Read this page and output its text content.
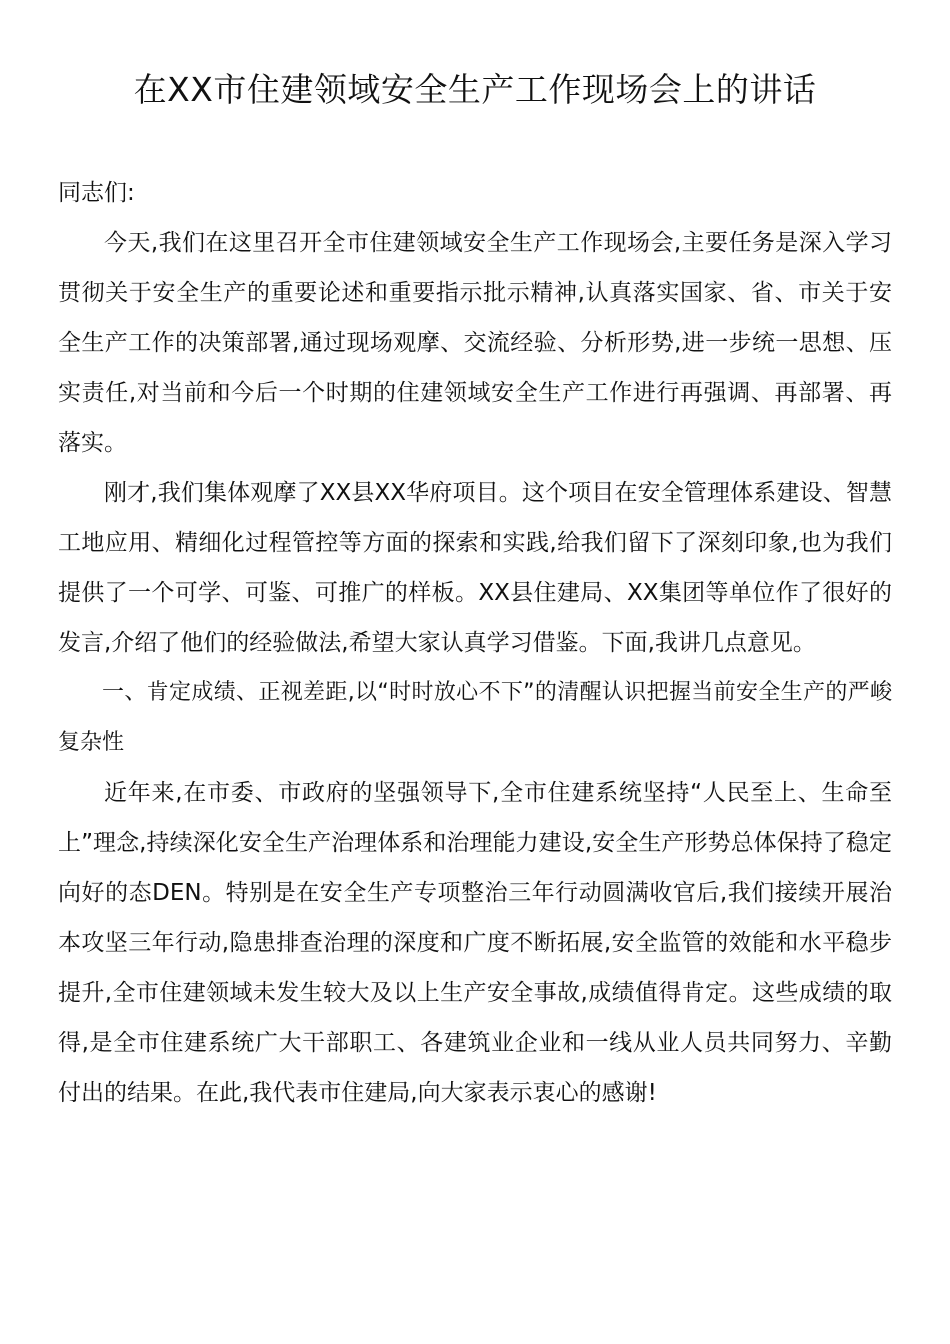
在XX市住建领域安全生产工作现场会上的讲话

同志们:

今天,我们在这里召开全市住建领域安全生产工作现场会,主要任务是深入学习贯彻关于安全生产的重要论述和重要指示批示精神,认真落实国家、省、市关于安全生产工作的决策部署,通过现场观摩、交流经验、分析形势,进一步统一思想、压实责任,对当前和今后一个时期的住建领域安全生产工作进行再强调、再部署、再落实。

刚才,我们集体观摩了XX县XX华府项目。这个项目在安全管理体系建设、智慧工地应用、精细化过程管控等方面的探索和实践,给我们留下了深刻印象,也为我们提供了一个可学、可鉴、可推广的样板。XX县住建局、XX集团等单位作了很好的发言,介绍了他们的经验做法,希望大家认真学习借鉴。下面,我讲几点意见。

一、肯定成绩、正视差距,以“时时放心不下”的清醒认识把握当前安全生产的严峻复杂性

近年来,在市委、市政府的坚强领导下,全市住建系统坚持“人民至上、生命至上”理念,持续深化安全生产治理体系和治理能力建设,安全生产形势总体保持了稳定向好的态DEN。特别是在安全生产专项整治三年行动圆满收官后,我们接续开展治本攻坚三年行动,隐患排查治理的深度和广度不断拓展,安全监管的效能和水平稳步提升,全市住建领域未发生较大及以上生产安全事故,成绩值得肯定。这些成绩的取得,是全市住建系统广大干部职工、各建筑业企业和一线从业人员共同努力、辛勤付出的结果。在此,我代表市住建局,向大家表示衷心的感谢!
